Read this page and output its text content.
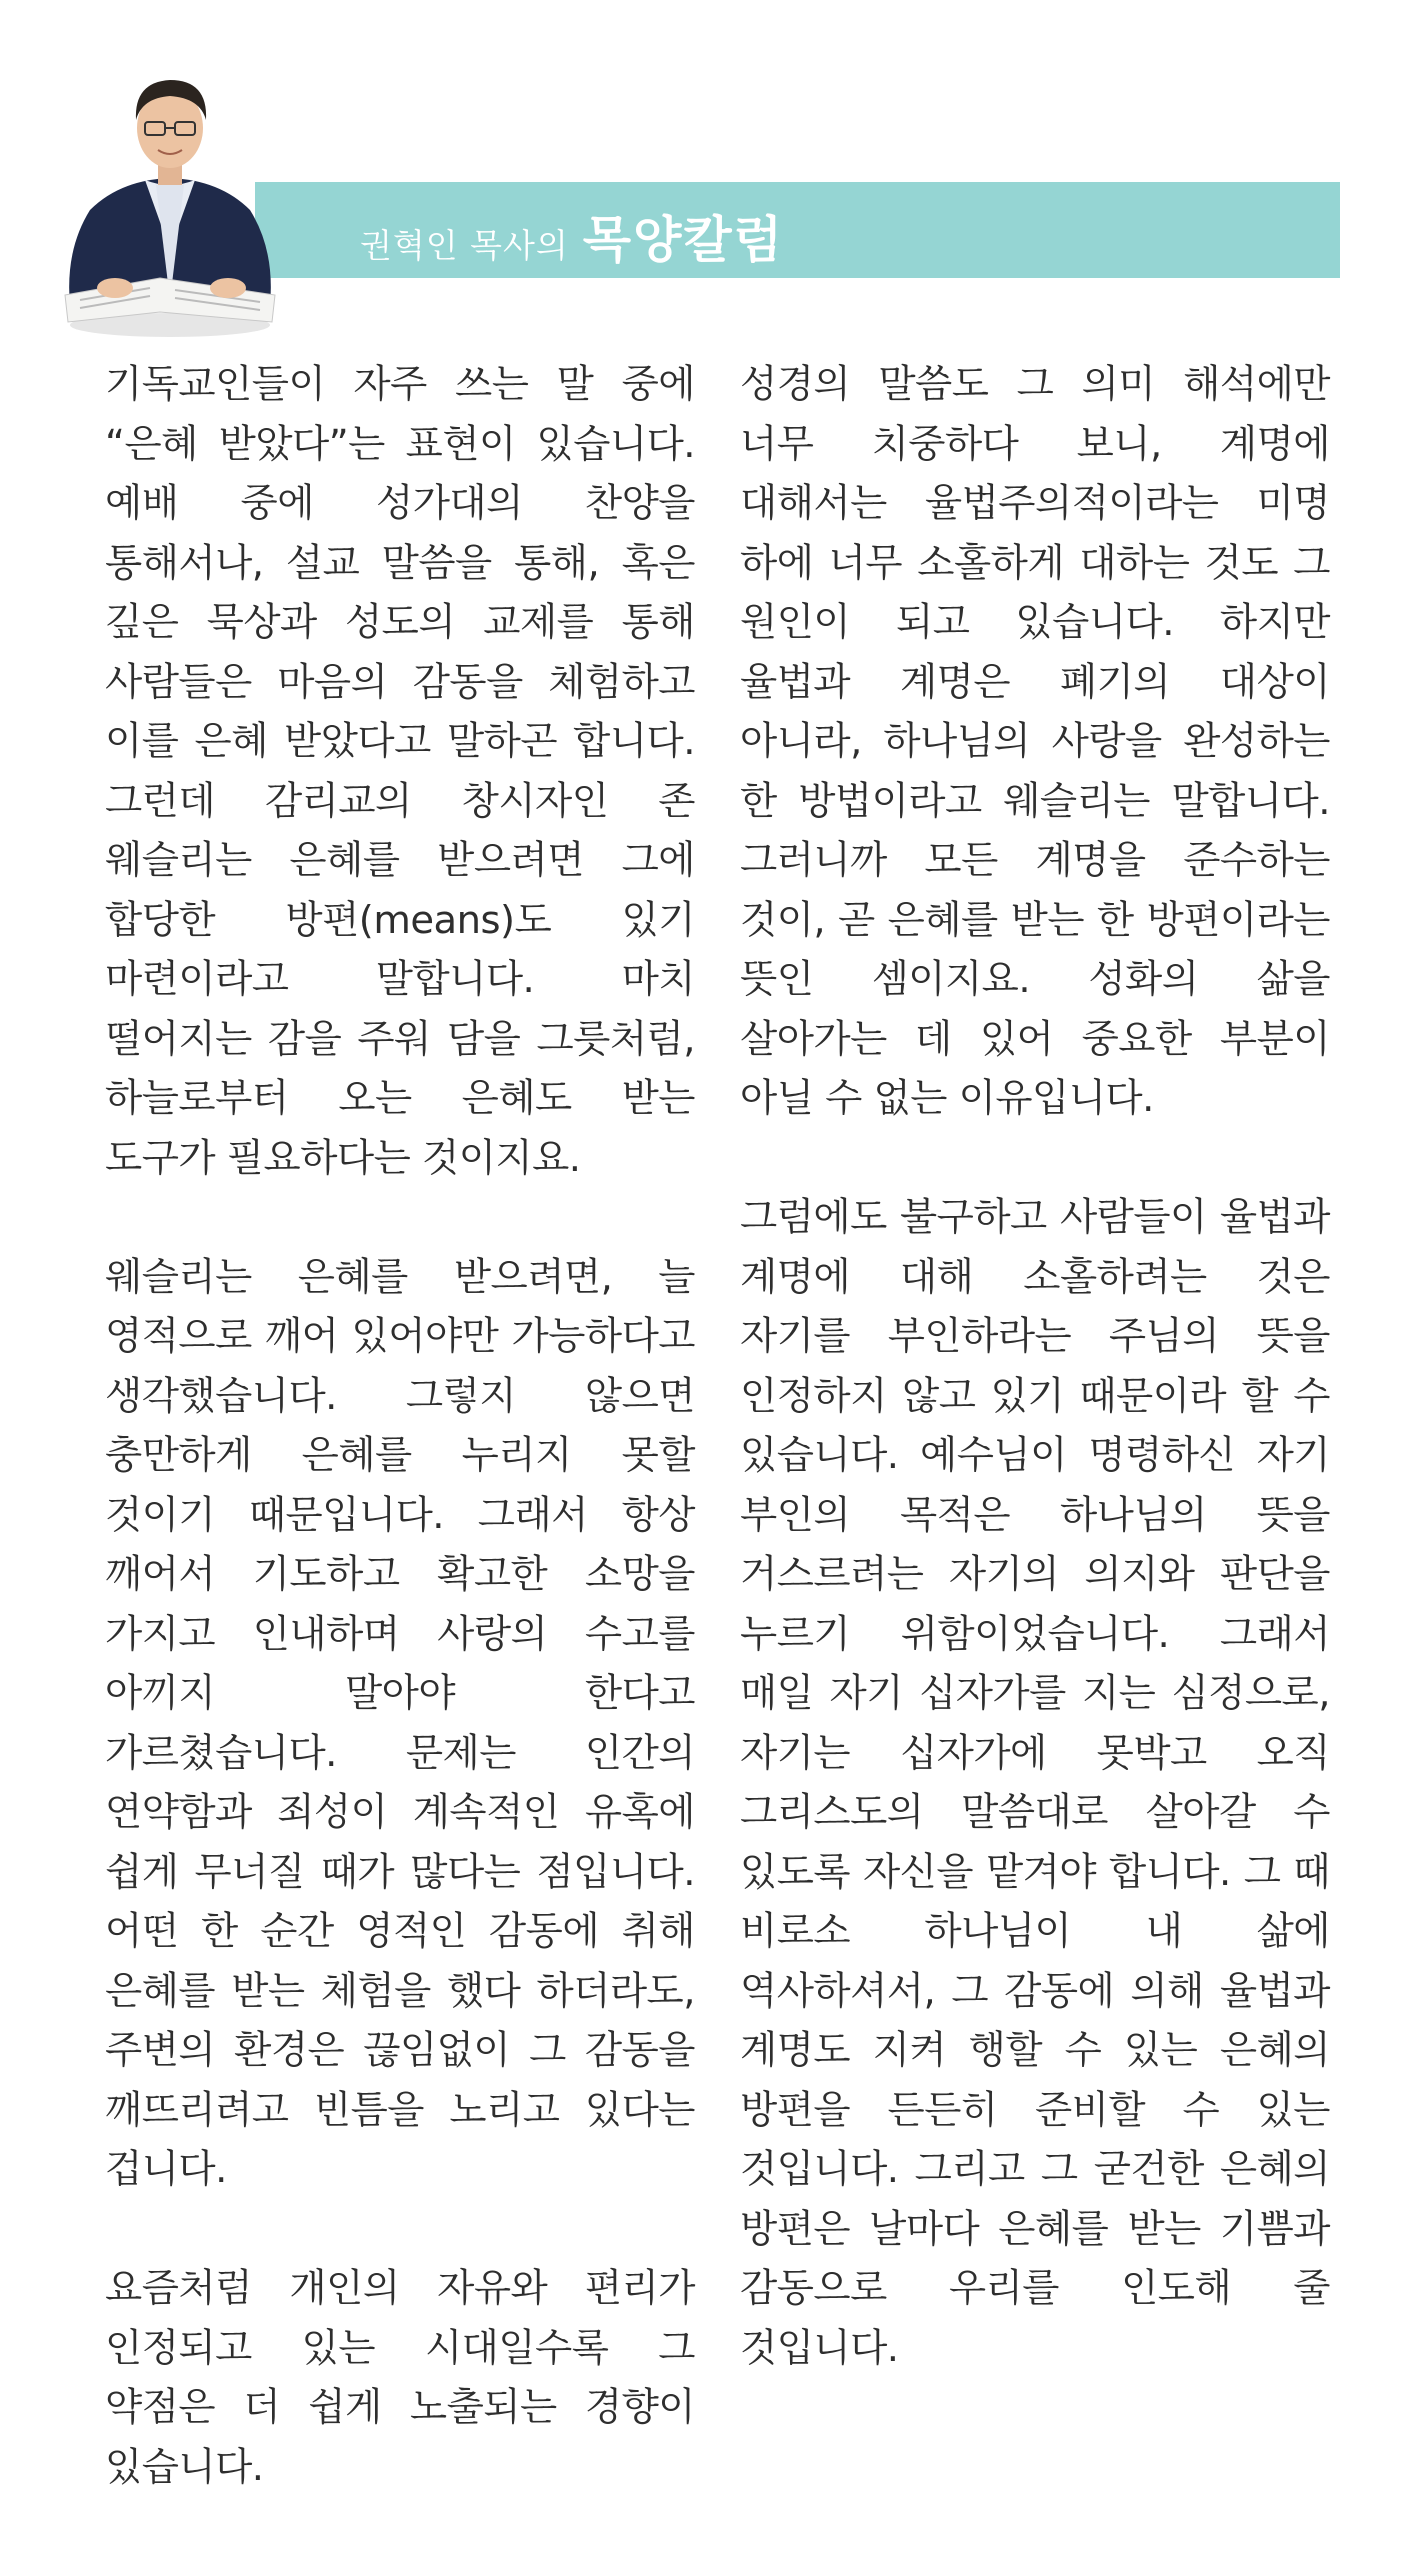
권혁인 목사의 목양칼럼

기독교인들이 자주 쓰는 말 중에 “은혜 받았다”는 표현이 있습니다. 예배 중에 성가대의 찬양을 통해서나, 설교 말씀을 통해, 혹은 깊은 묵상과 성도의 교제를 통해 사람들은 마음의 감동을 체험하고 이를 은혜 받았다고 말하곤 합니다. 그런데 감리교의 창시자인 존 웨슬리는 은혜를 받으려면 그에 합당한 방편(means)도 있기 마련이라고 말합니다. 마치 떨어지는 감을 주워 담을 그릇처럼, 하늘로부터 오는 은혜도 받는 도구가 필요하다는 것이지요.

웨슬리는 은혜를 받으려면, 늘 영적으로 깨어 있어야만 가능하다고 생각했습니다. 그렇지 않으면 충만하게 은혜를 누리지 못할 것이기 때문입니다. 그래서 항상 깨어서 기도하고 확고한 소망을 가지고 인내하며 사랑의 수고를 아끼지 말아야 한다고 가르쳤습니다. 문제는 인간의 연약함과 죄성이 계속적인 유혹에 쉽게 무너질 때가 많다는 점입니다. 어떤 한 순간 영적인 감동에 취해 은혜를 받는 체험을 했다 하더라도, 주변의 환경은 끊임없이 그 감동을 깨뜨리려고 빈틈을 노리고 있다는 겁니다.

요즘처럼 개인의 자유와 편리가 인정되고 있는 시대일수록 그 약점은 더 쉽게 노출되는 경향이 있습니다.

성경의 말씀도 그 의미 해석에만 너무 치중하다 보니, 계명에 대해서는 율법주의적이라는 미명 하에 너무 소홀하게 대하는 것도 그 원인이 되고 있습니다. 하지만 율법과 계명은 폐기의 대상이 아니라, 하나님의 사랑을 완성하는 한 방법이라고 웨슬리는 말합니다. 그러니까 모든 계명을 준수하는 것이, 곧 은혜를 받는 한 방편이라는 뜻인 셈이지요. 성화의 삶을 살아가는 데 있어 중요한 부분이 아닐 수 없는 이유입니다.

그럼에도 불구하고 사람들이 율법과 계명에 대해 소홀하려는 것은 자기를 부인하라는 주님의 뜻을 인정하지 않고 있기 때문이라 할 수 있습니다. 예수님이 명령하신 자기 부인의 목적은 하나님의 뜻을 거스르려는 자기의 의지와 판단을 누르기 위함이었습니다. 그래서 매일 자기 십자가를 지는 심정으로, 자기는 십자가에 못박고 오직 그리스도의 말씀대로 살아갈 수 있도록 자신을 맡겨야 합니다. 그 때 비로소 하나님이 내 삶에 역사하셔서, 그 감동에 의해 율법과 계명도 지켜 행할 수 있는 은혜의 방편을 든든히 준비할 수 있는 것입니다. 그리고 그 굳건한 은혜의 방편은 날마다 은혜를 받는 기쁨과 감동으로 우리를 인도해 줄 것입니다.
